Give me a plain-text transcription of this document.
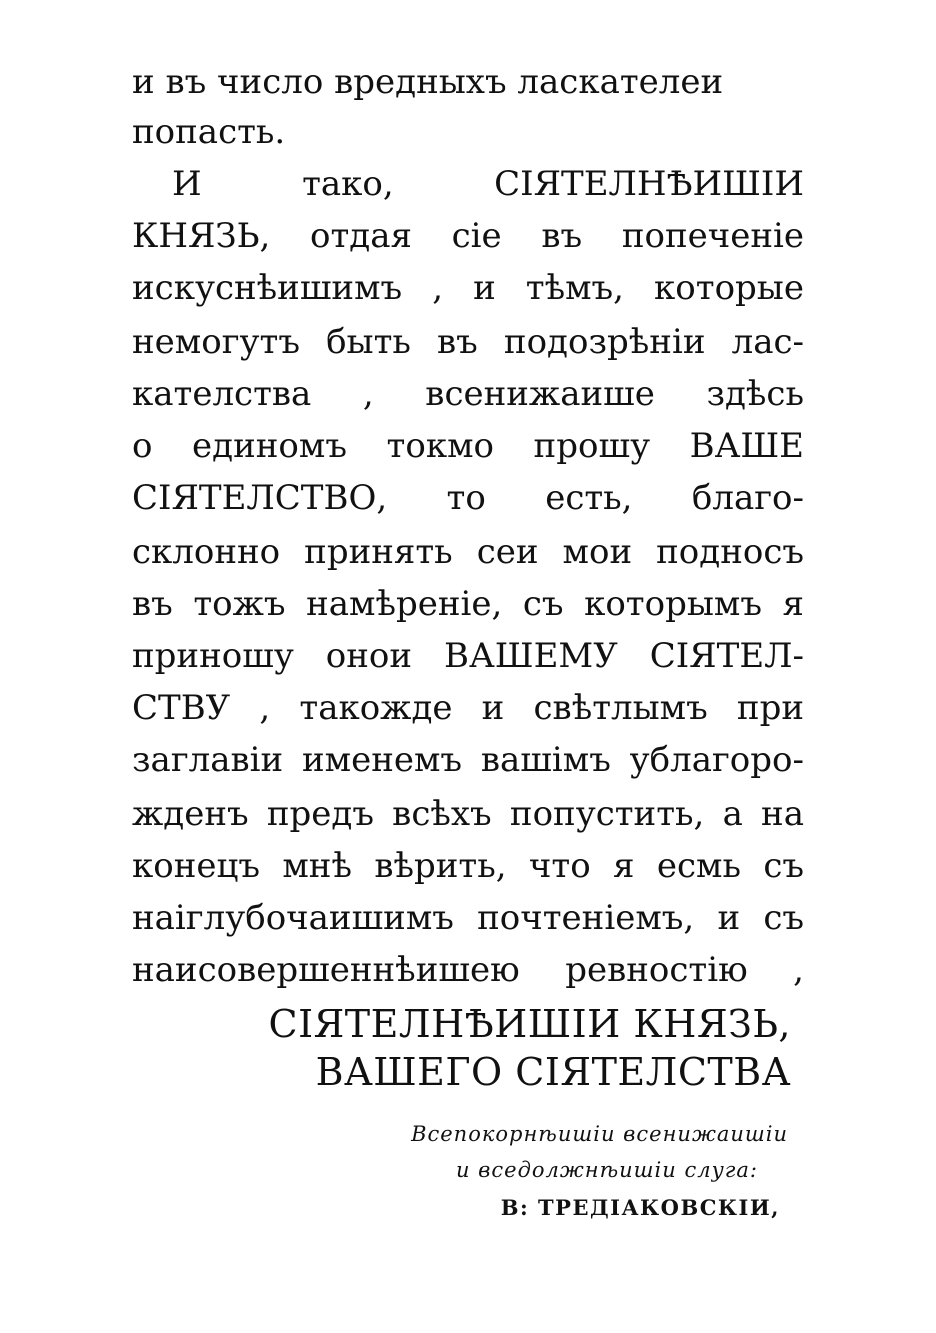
и въ число вредныхъ ласкателеи
попасть.
И тако, СІЯТЕЛНѢИШІИ
КНЯЗЬ, отдая сіе въ попеченіе
искуснѣишимъ , и тѣмъ, которые
немогутъ быть въ подозрѣніи лас-
кателства , всенижаише здѣсь
о единомъ токмо прошу ВАШЕ
СІЯТЕЛСТВО, то есть, благо-
склонно принять сеи мои подносъ
въ тожъ намѣреніе, съ которымъ я
приношу онои ВАШЕМУ СІЯТЕЛ-
СТВУ , такожде и свѣтлымъ при
заглавіи именемъ вашімъ ублагоро-
жденъ предъ всѣхъ попустить, а на
конецъ мнѣ вѣрить, что я есмь съ
наіглубочаишимъ почтеніемъ, и съ
наисовершеннѣишею ревностію ,
СІЯТЕЛНѢИШІИ КНЯЗЬ,
ВАШЕГО СІЯТЕЛСТВА
Всепокорнѣишіи всенижаишіи
и вседолжнѣишіи слуга:
В: ТРЕДІАКОВСКІИ,
